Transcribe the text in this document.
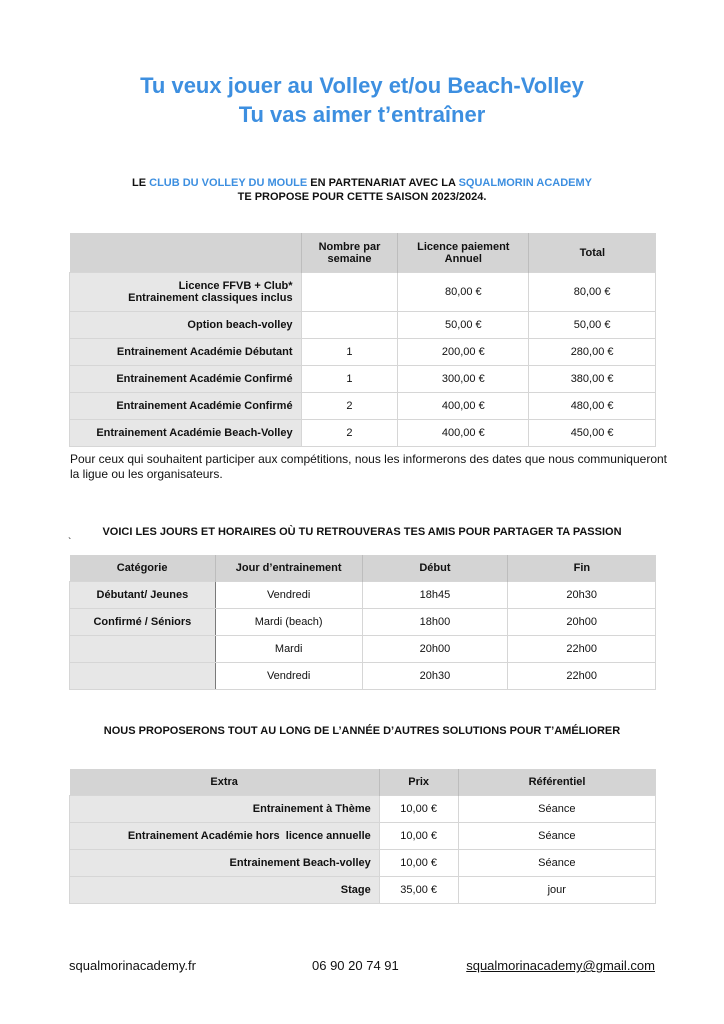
Tu veux jouer au Volley et/ou Beach-Volley
Tu vas aimer t’entraîner
LE CLUB DU VOLLEY DU MOULE EN PARTENARIAT AVEC LA SQUALMORIN ACADEMY
TE PROPOSE POUR CETTE SAISON 2023/2024.
	Nombre par semaine	Licence paiement Annuel	Total

Licence FFVB + Club*
Entrainement classiques inclus		80,00 €	80,00 €
Option beach-volley		50,00 €	50,00 €
Entrainement Académie Débutant	1	200,00 €	280,00 €
Entrainement Académie Confirmé	1	300,00 €	380,00 €
Entrainement Académie Confirmé	2	400,00 €	480,00 €
Entrainement Académie Beach-Volley	2	400,00 €	450,00 €
Pour ceux qui souhaitent participer aux compétitions, nous les informerons des dates que nous communiqueront la ligue ou les organisateurs.
VOICI LES JOURS ET HORAIRES OÙ TU RETROUVERAS TES AMIS POUR PARTAGER TA PASSION
`
Catégorie	Jour d’entrainement	Début	Fin
Débutant/ Jeunes	Vendredi	18h45	20h30
Confirmé / Séniors	Mardi (beach)	18h00	20h00
	Mardi	20h00	22h00
	Vendredi	20h30	22h00
NOUS PROPOSERONS TOUT AU LONG DE L’ANNÉE D’AUTRES SOLUTIONS POUR T’AMÉLIORER
Extra	Prix	Référentiel
Entrainement à Thème	10,00 €	Séance
Entrainement Académie hors  licence annuelle	10,00 €	Séance
Entrainement Beach-volley	10,00 €	Séance
Stage	35,00 €	jour
squalmorinacademy.fr	06 90 20 74 91	squalmorinacademy@gmail.com
